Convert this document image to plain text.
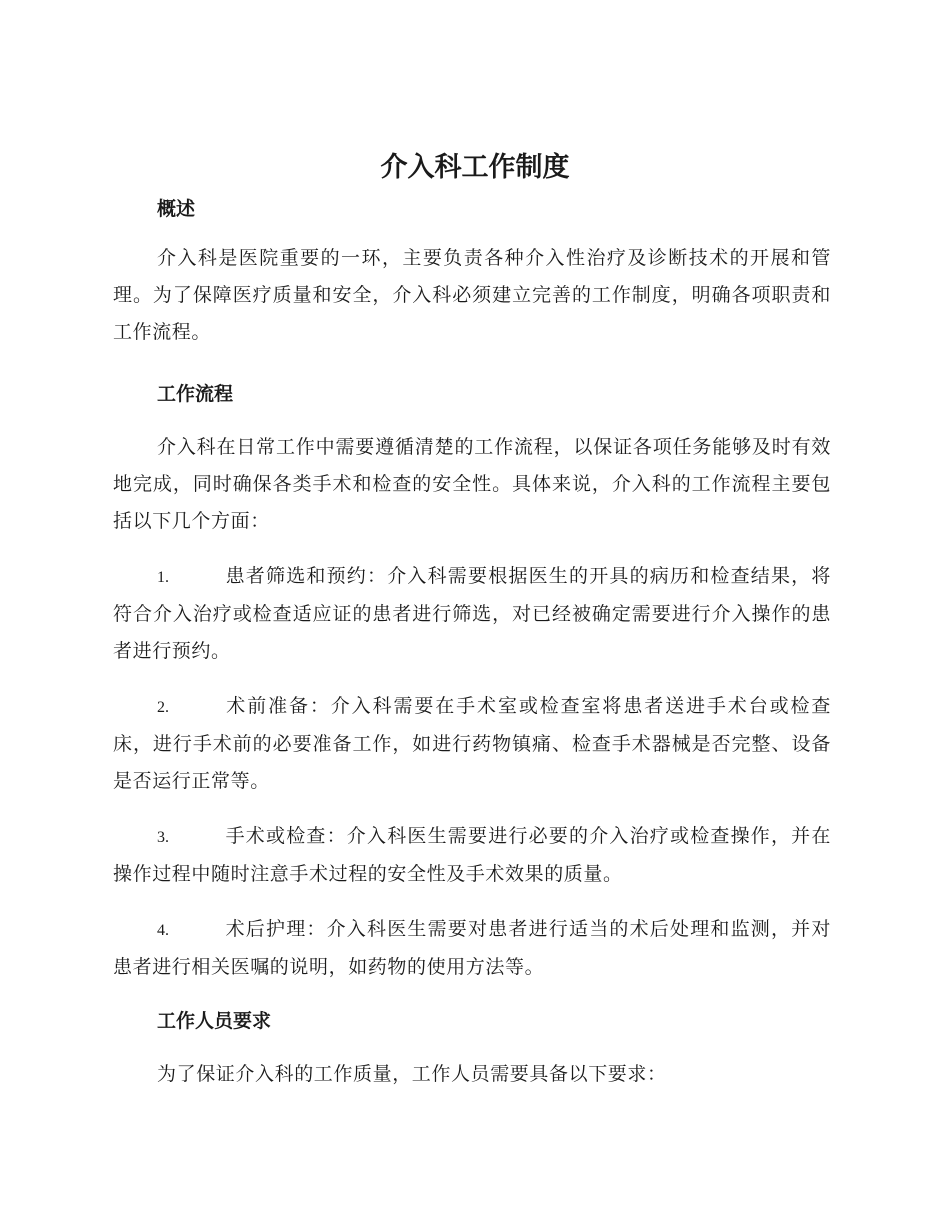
介入科工作制度
概述

介入科是医院重要的一环，主要负责各种介入性治疗及诊断技术的开展和管理。为了保障医疗质量和安全，介入科必须建立完善的工作制度，明确各项职责和工作流程。

工作流程

介入科在日常工作中需要遵循清楚的工作流程，以保证各项任务能够及时有效地完成，同时确保各类手术和检查的安全性。具体来说，介入科的工作流程主要包括以下几个方面：

1.	患者筛选和预约：介入科需要根据医生的开具的病历和检查结果，将符合介入治疗或检查适应证的患者进行筛选，对已经被确定需要进行介入操作的患者进行预约。

2.	术前准备：介入科需要在手术室或检查室将患者送进手术台或检查床，进行手术前的必要准备工作，如进行药物镇痛、检查手术器械是否完整、设备是否运行正常等。

3.	手术或检查：介入科医生需要进行必要的介入治疗或检查操作，并在操作过程中随时注意手术过程的安全性及手术效果的质量。

4.	术后护理：介入科医生需要对患者进行适当的术后处理和监测，并对患者进行相关医嘱的说明，如药物的使用方法等。

工作人员要求

为了保证介入科的工作质量，工作人员需要具备以下要求：
